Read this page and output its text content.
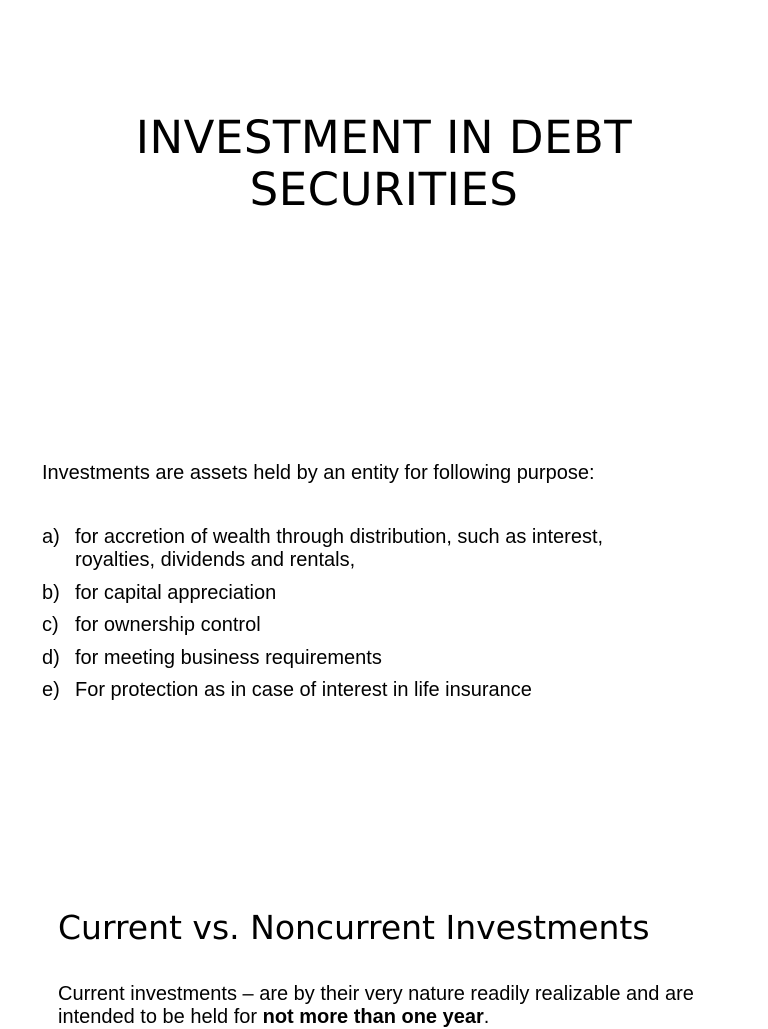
INVESTMENT IN DEBT
SECURITIES

Investments are assets held by an entity for following purpose:

a) for accretion of wealth through distribution, such as interest, royalties, dividends and rentals,
b) for capital appreciation
c) for ownership control
d) for meeting business requirements
e) For protection as in case of interest in life insurance
Current vs. Noncurrent Investments

Current investments – are by their very nature readily realizable and are intended to be held for not more than one year.
